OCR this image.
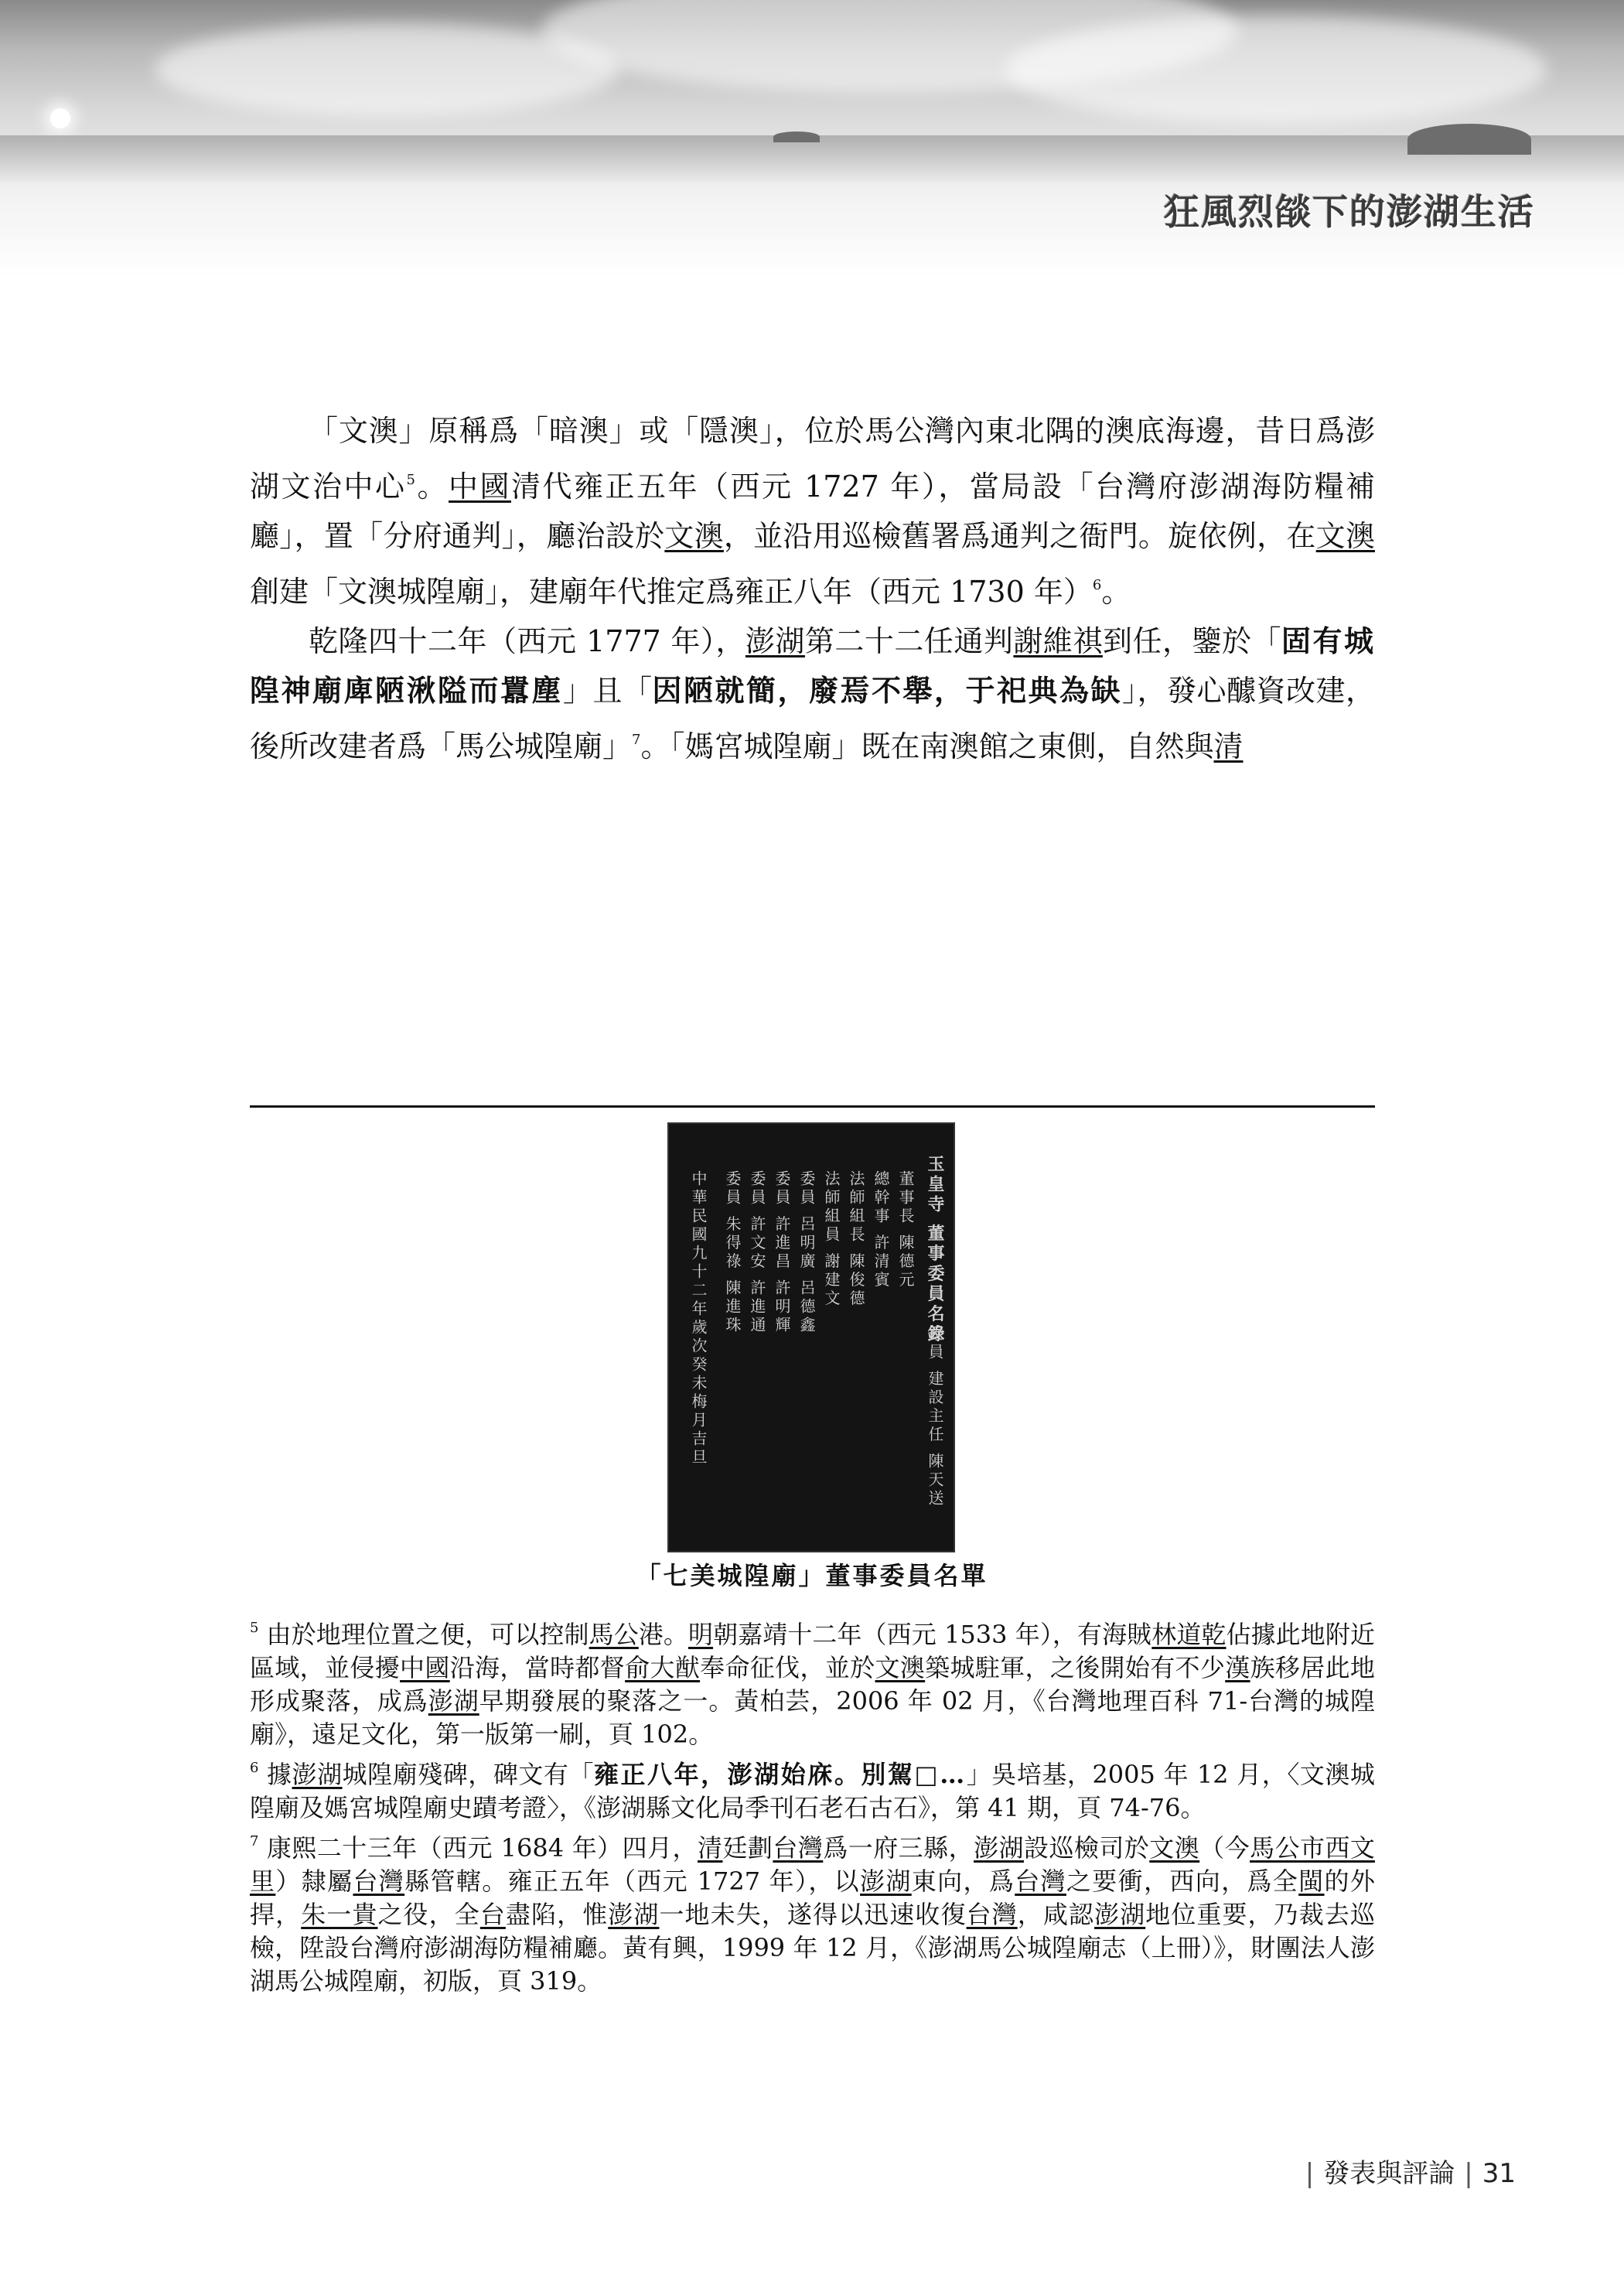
狂風烈燄下的澎湖生活

「文澳」原稱爲「暗澳」或「隱澳」，位於馬公灣內東北隅的澳底海邊，昔日爲澎湖文治中心$^5$。中國清代雍正五年（西元 1727 年），當局設「台灣府澎湖海防糧補廳」，置「分府通判」，廳治設於文澳，並沿用巡檢舊署爲通判之衙門。旋依例，在文澳創建「文澳城隍廟」，建廟年代推定爲雍正八年（西元 1730 年）$^6$。

乾隆四十二年（西元 1777 年），澎湖第二十二任通判謝維祺到任，鑒於「固有城隍神廟庳陋湫隘而囂塵」且「因陋就簡，廢焉不舉，于祀典為缺」，發心醵資改建，後所改建者爲「馬公城隍廟」$^7$。「媽宮城隍廟」既在南澳館之東側，自然與清

玉皇寺 董事委員名錄
董事長 陳德元
總幹事 許清賓
法師組長 陳俊德
法師組員 謝建文
委員 呂明廣 呂德鑫
委員 許進昌 許明輝
委員 許文安 許進通
委員 朱得祿 陳進珠
委員 建設主任 陳天送
中華民國九十二年歲次癸未梅月吉旦
「七美城隍廟」董事委員名單

$^5$ 由於地理位置之便，可以控制馬公港。明朝嘉靖十二年（西元 1533 年），有海賊林道乾佔據此地附近區域，並侵擾中國沿海，當時都督俞大猷奉命征伐，並於文澳築城駐軍，之後開始有不少漢族移居此地形成聚落，成爲澎湖早期發展的聚落之一。黃柏芸，2006 年 02 月，《台灣地理百科 71-台灣的城隍廟》，遠足文化，第一版第一刷，頁 102。

$^6$ 據澎湖城隍廟殘碑，碑文有「雍正八年，澎湖始庥。別駕□…」吳培基，2005 年 12 月，〈文澳城隍廟及媽宮城隍廟史蹟考證〉，《澎湖縣文化局季刊石老石古石》，第 41 期，頁 74-76。

$^7$ 康熙二十三年（西元 1684 年）四月，清廷劃台灣爲一府三縣，澎湖設巡檢司於文澳（今馬公市西文里）隸屬台灣縣管轄。雍正五年（西元 1727 年），以澎湖東向，爲台灣之要衝，西向，爲全閩的外捍，朱一貴之役，全台盡陷，惟澎湖一地未失，遂得以迅速收復台灣，咸認澎湖地位重要，乃裁去巡檢，陞設台灣府澎湖海防糧補廳。黃有興，1999 年 12 月，《澎湖馬公城隍廟志（上冊）》，財團法人澎湖馬公城隍廟，初版，頁 319。

| 發表與評論 | 31
